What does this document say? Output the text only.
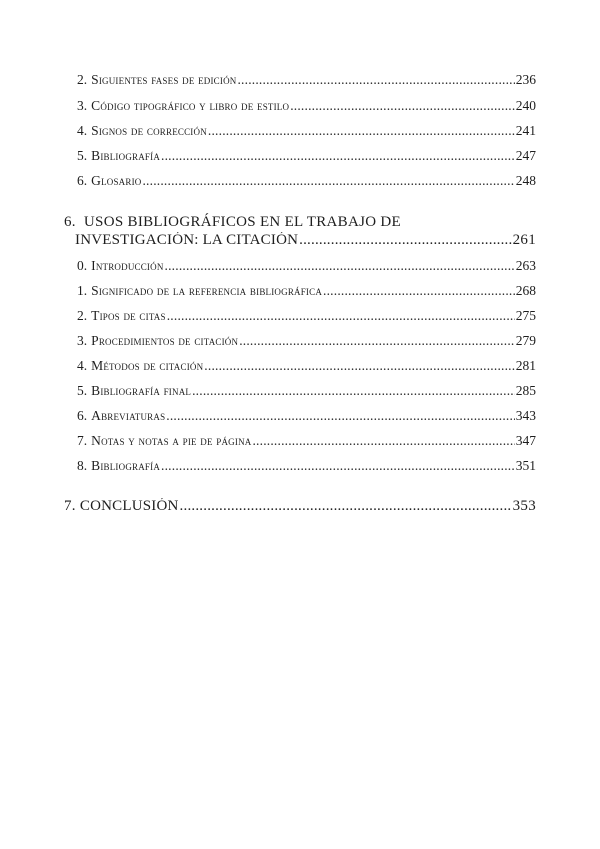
2. Siguientes fases de edición .....	236
3. Código tipográfico y libro de estilo .....	240
4. Signos de corrección .....	241
5. Bibliografía .....	247
6. Glosario .....	248
6. USOS BIBLIOGRÁFICOS EN EL TRABAJO DE
INVESTIGACIÓN: LA CITACIÓN .....	261
0. Introducción .....	263
1. Significado de la referencia bibliográfica .....	268
2. Tipos de citas .....	275
3. Procedimientos de citación .....	279
4. Métodos de citación .....	281
5. Bibliografía final .....	285
6. Abreviaturas .....	343
7. Notas y notas a pie de página .....	347
8. Bibliografía .....	351
7. CONCLUSIÓN .....	353
